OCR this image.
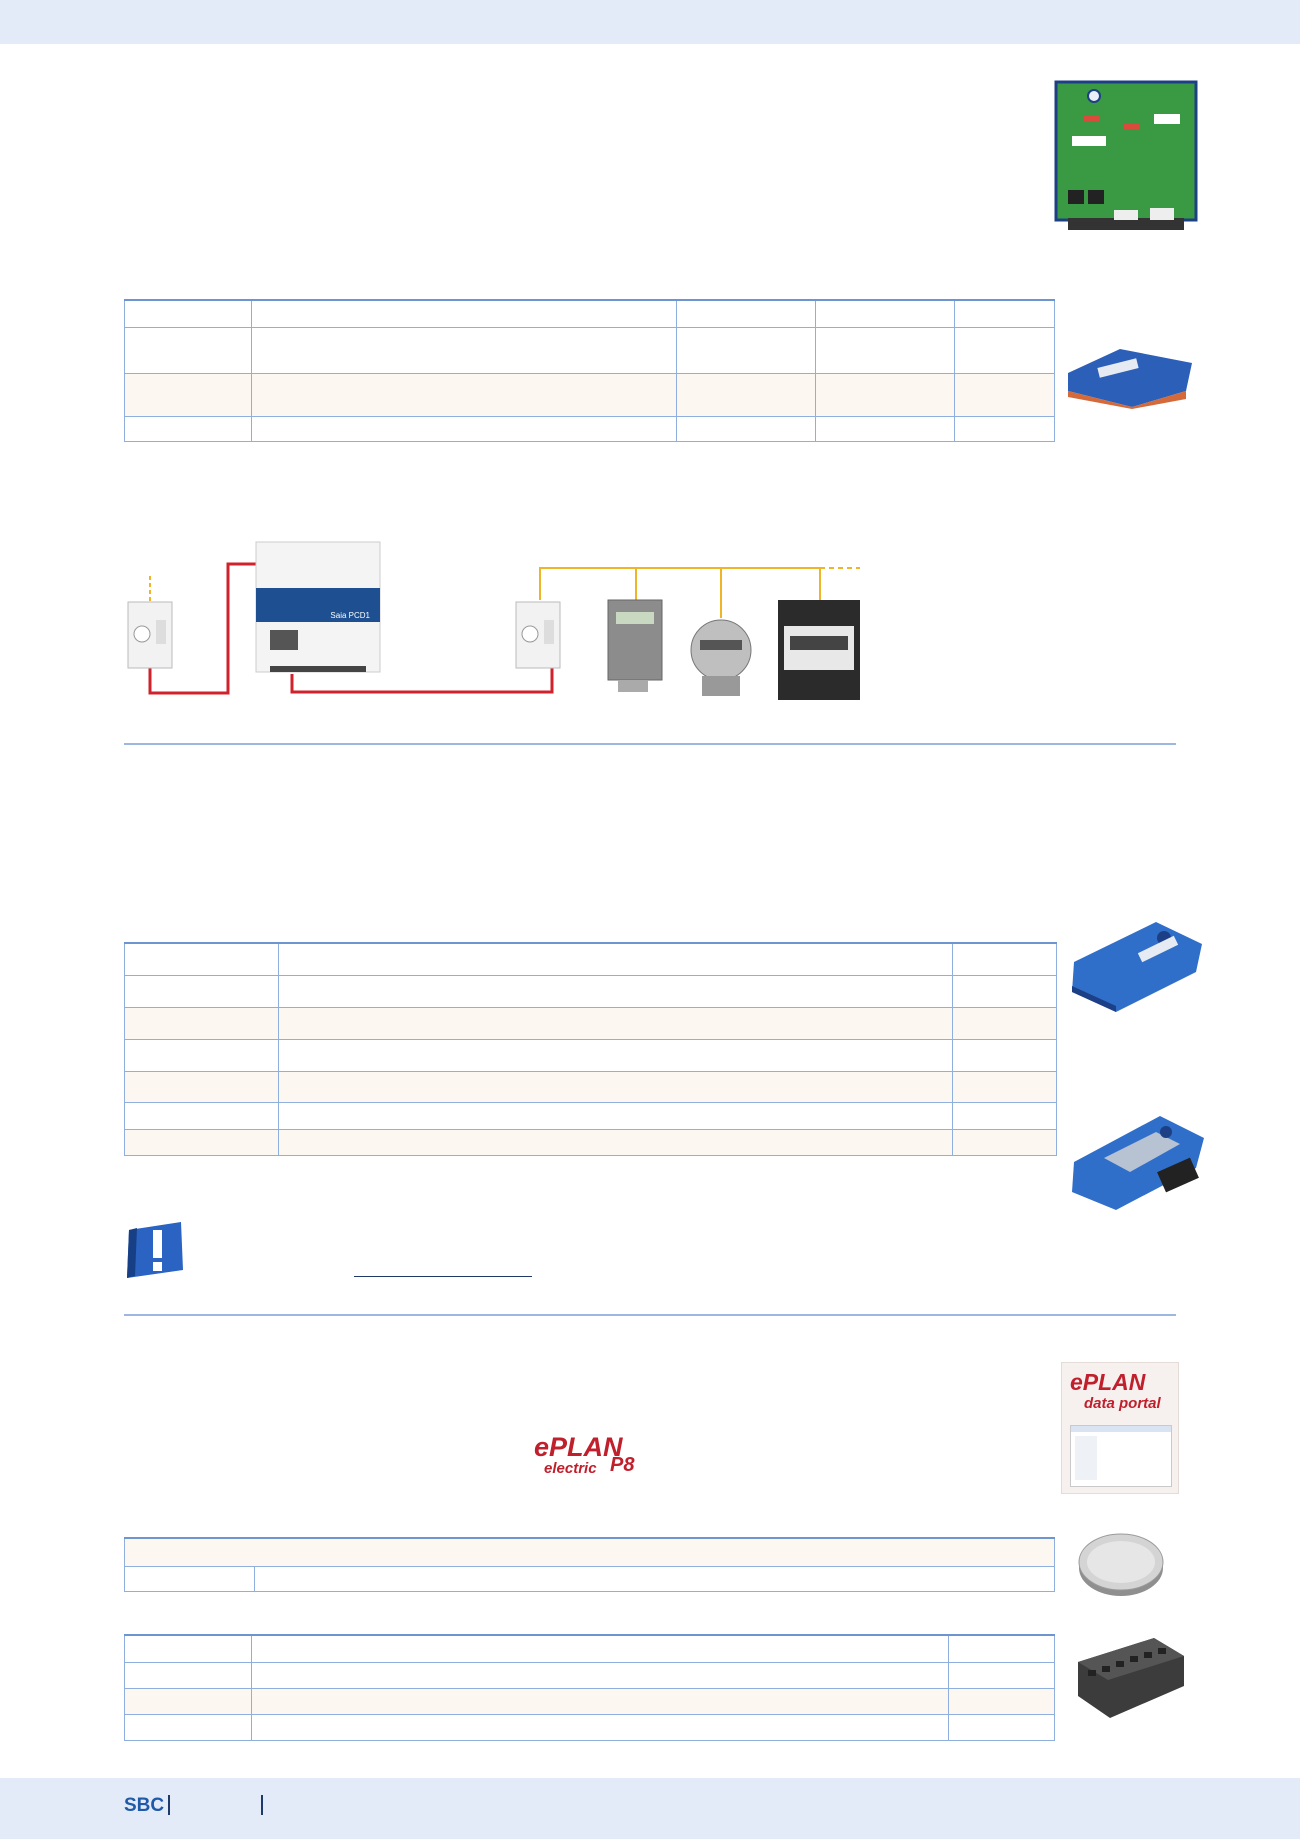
Saia PCD1

ePLAN
data portal
ePLAN
electric P8

SBC
